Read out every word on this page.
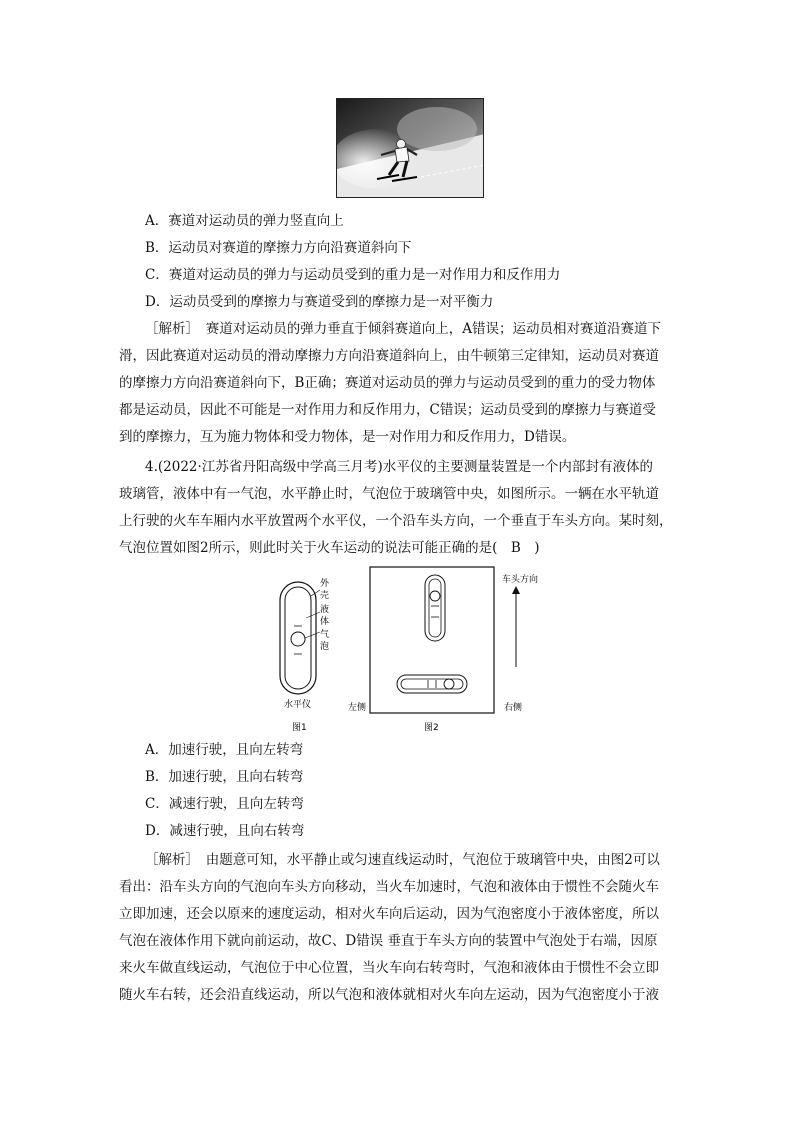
A．赛道对运动员的弹力竖直向上
B．运动员对赛道的摩擦力方向沿赛道斜向下
C．赛道对运动员的弹力与运动员受到的重力是一对作用力和反作用力
D．运动员受到的摩擦力与赛道受到的摩擦力是一对平衡力
［解析］　赛道对运动员的弹力垂直于倾斜赛道向上，A错误；运动员相对赛道沿赛道下
滑，因此赛道对运动员的滑动摩擦力方向沿赛道斜向上，由牛顿第三定律知，运动员对赛道
的摩擦力方向沿赛道斜向下，B正确；赛道对运动员的弹力与运动员受到的重力的受力物体
都是运动员，因此不可能是一对作用力和反作用力，C错误；运动员受到的摩擦力与赛道受
到的摩擦力，互为施力物体和受力物体，是一对作用力和反作用力，D错误。
4.(2022·江苏省丹阳高级中学高三月考)水平仪的主要测量装置是一个内部封有液体的
玻璃管，液体中有一气泡，水平静止时，气泡位于玻璃管中央，如图所示。一辆在水平轨道
上行驶的火车车厢内水平放置两个水平仪，一个沿车头方向，一个垂直于车头方向。某时刻，
气泡位置如图2所示，则此时关于火车运动的说法可能正确的是(　B　)
外
壳
液
体
气
泡
水平仪
图1
车头方向
左侧	右侧
图2
A．加速行驶，且向左转弯
B．加速行驶，且向右转弯
C．减速行驶，且向左转弯
D．减速行驶，且向右转弯
［解析］　由题意可知，水平静止或匀速直线运动时，气泡位于玻璃管中央，由图2可以
看出：沿车头方向的气泡向车头方向移动，当火车加速时，气泡和液体由于惯性不会随火车
立即加速，还会以原来的速度运动，相对火车向后运动，因为气泡密度小于液体密度，所以
气泡在液体作用下就向前运动，故C、D错误 垂直于车头方向的装置中气泡处于右端，因原
来火车做直线运动，气泡位于中心位置，当火车向右转弯时，气泡和液体由于惯性不会立即
随火车右转，还会沿直线运动，所以气泡和液体就相对火车向左运动，因为气泡密度小于液
